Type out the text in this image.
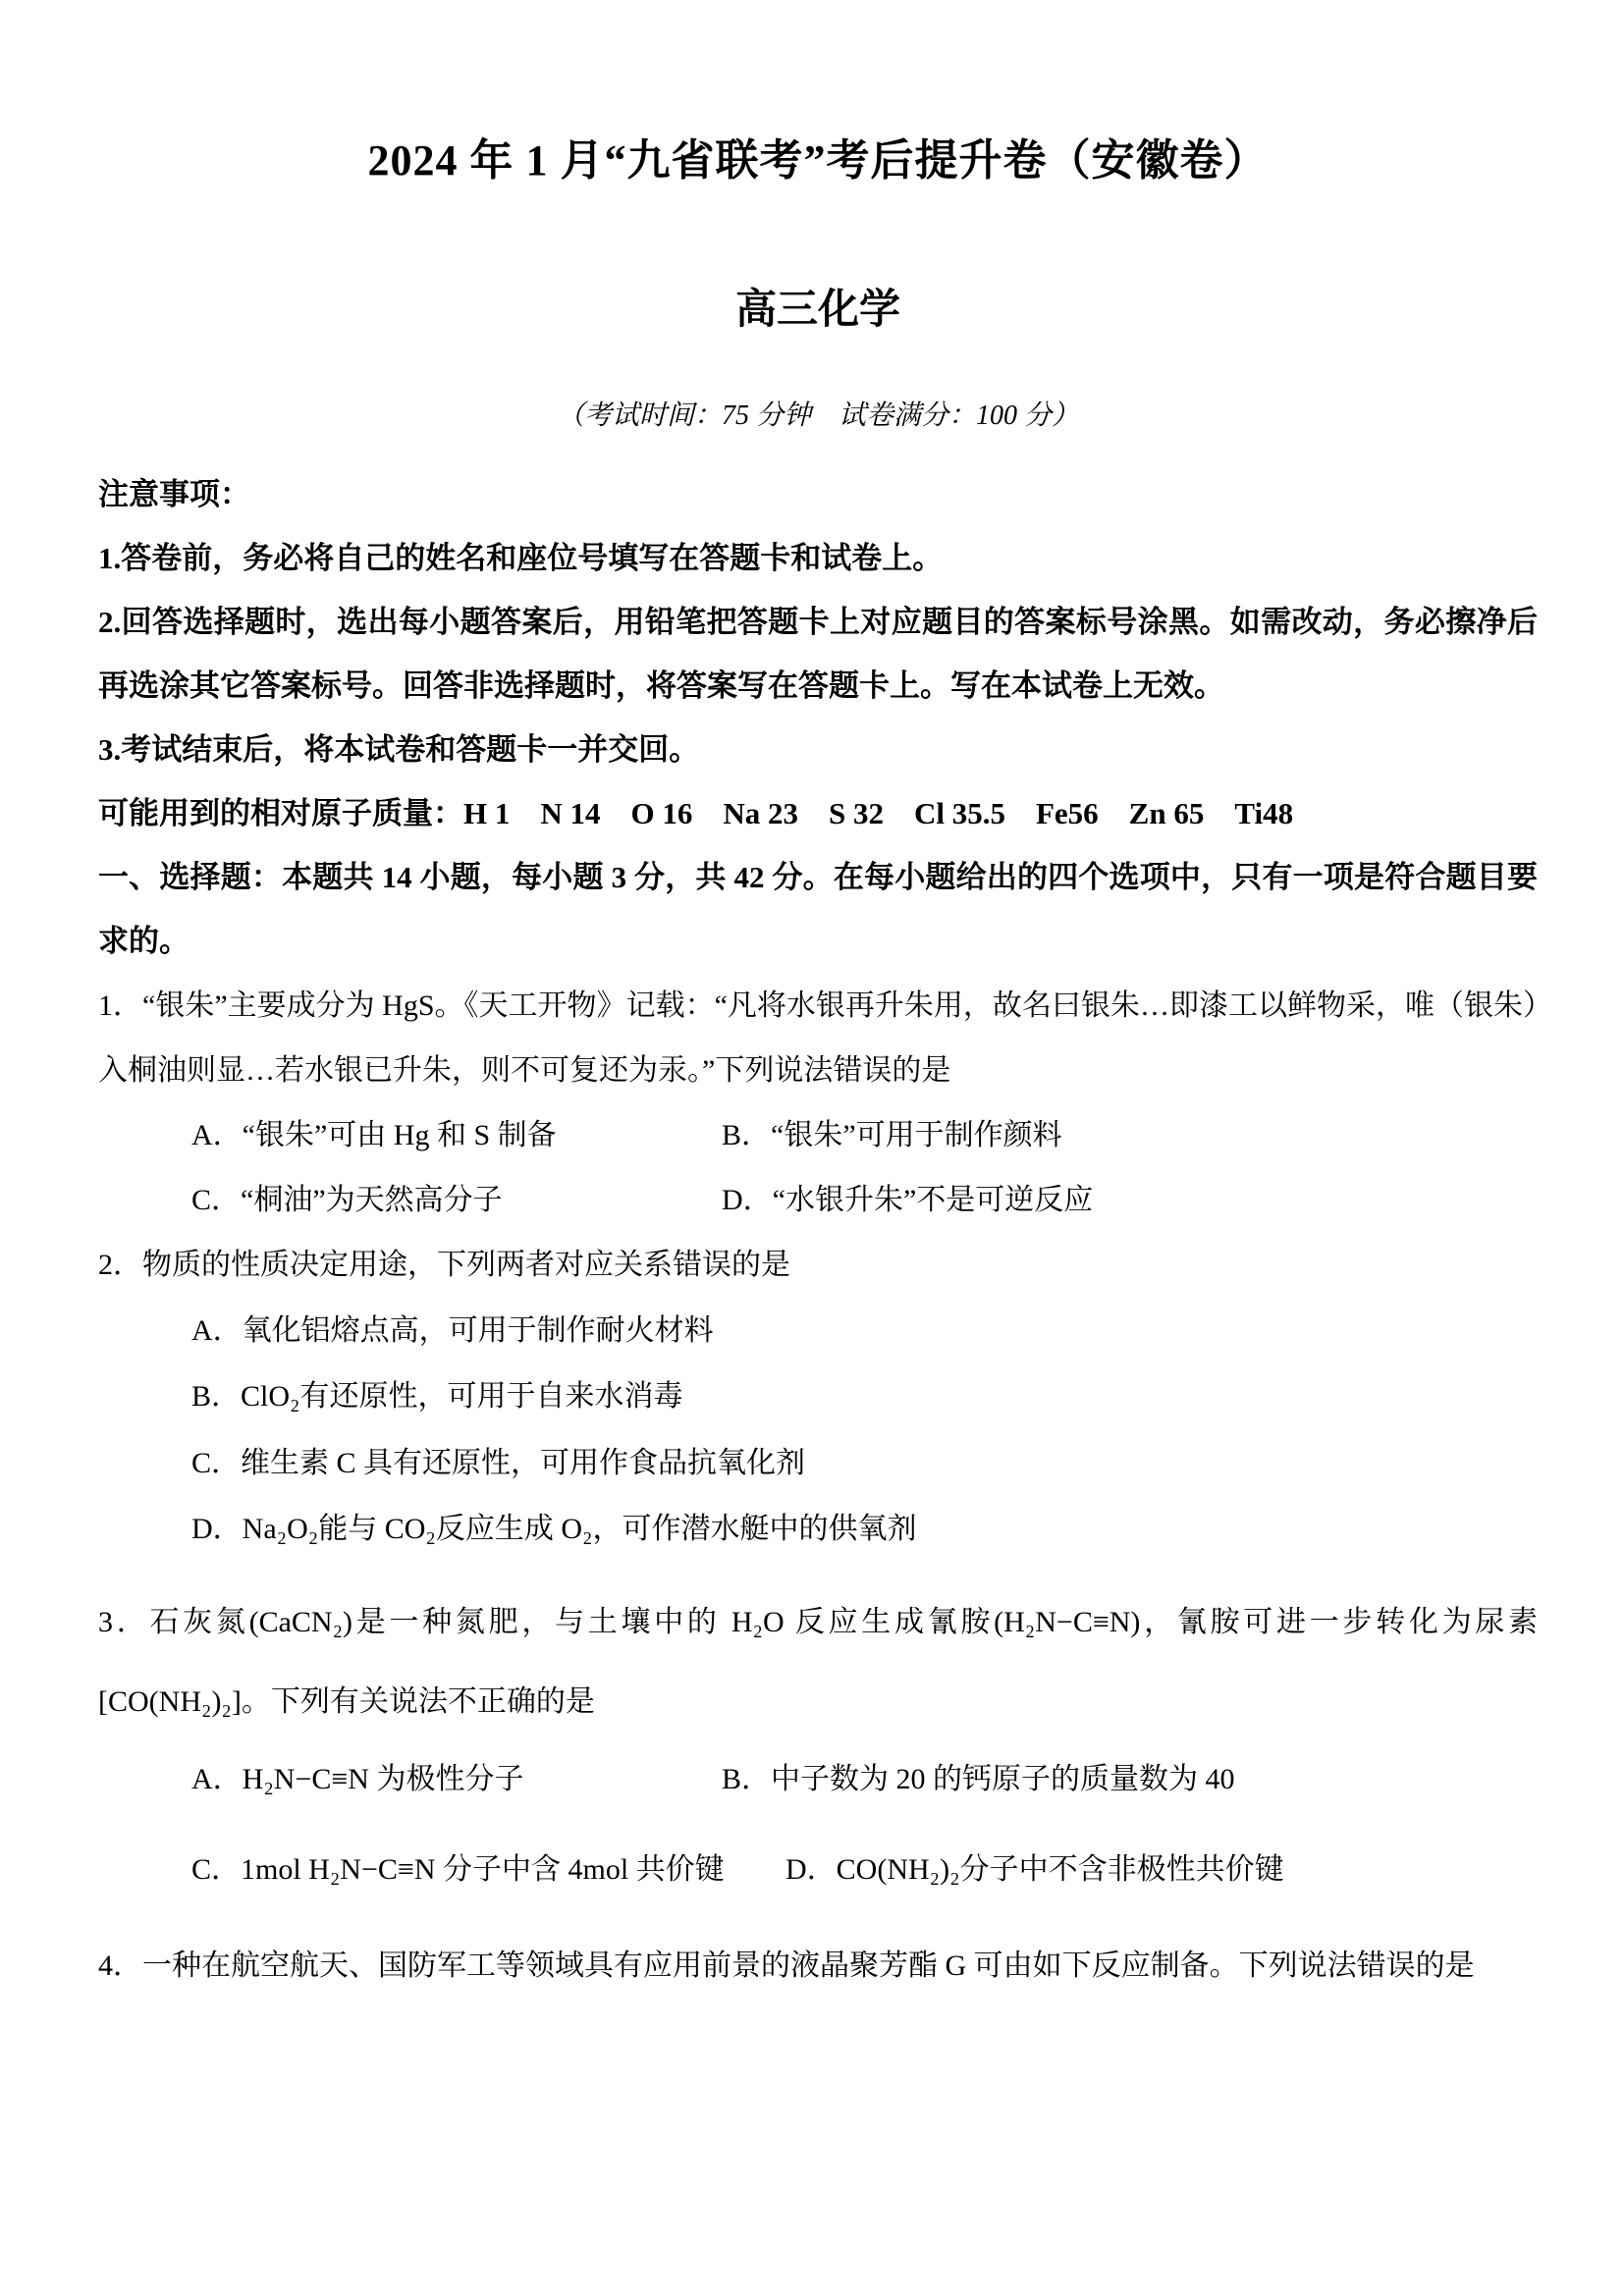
2024 年 1 月“九省联考”考后提升卷（安徽卷）
高三化学

（考试时间：75 分钟　试卷满分：100 分）

注意事项：

1.答卷前，务必将自己的姓名和座位号填写在答题卡和试卷上。

2.回答选择题时，选出每小题答案后，用铅笔把答题卡上对应题目的答案标号涂黑。如需改动，务必擦净后再选涂其它答案标号。回答非选择题时，将答案写在答题卡上。写在本试卷上无效。

3.考试结束后，将本试卷和答题卡一并交回。

可能用到的相对原子质量：H 1　N 14　O 16　Na 23　S 32　Cl 35.5　Fe56　Zn 65　Ti48

一、选择题：本题共 14 小题，每小题 3 分，共 42 分。在每小题给出的四个选项中，只有一项是符合题目要求的。

1．“银朱”主要成分为 HgS。《天工开物》记载：“凡将水银再升朱用，故名曰银朱…即漆工以鲜物采，唯（银朱）入桐油则显…若水银已升朱，则不可复还为汞。”下列说法错误的是

A．“银朱”可由 Hg 和 S 制备	B．“银朱”可用于制作颜料
C．“桐油”为天然高分子	D．“水银升朱”不是可逆反应

2．物质的性质决定用途，下列两者对应关系错误的是

A．氧化铝熔点高，可用于制作耐火材料

B．ClO₂有还原性，可用于自来水消毒

C．维生素 C 具有还原性，可用作食品抗氧化剂

D．Na₂O₂能与 CO₂反应生成 O₂，可作潜水艇中的供氧剂

3．石灰氮(CaCN₂)是一种氮肥，与土壤中的 H₂O 反应生成氰胺(H₂N−C≡N)，氰胺可进一步转化为尿素 [CO(NH₂)₂]。下列有关说法不正确的是

A．H₂N−C≡N 为极性分子	B．中子数为 20 的钙原子的质量数为 40
C．1mol H₂N−C≡N 分子中含 4mol 共价键	D．CO(NH₂)₂分子中不含非极性共价键

4．一种在航空航天、国防军工等领域具有应用前景的液晶聚芳酯 G 可由如下反应制备。下列说法错误的是
